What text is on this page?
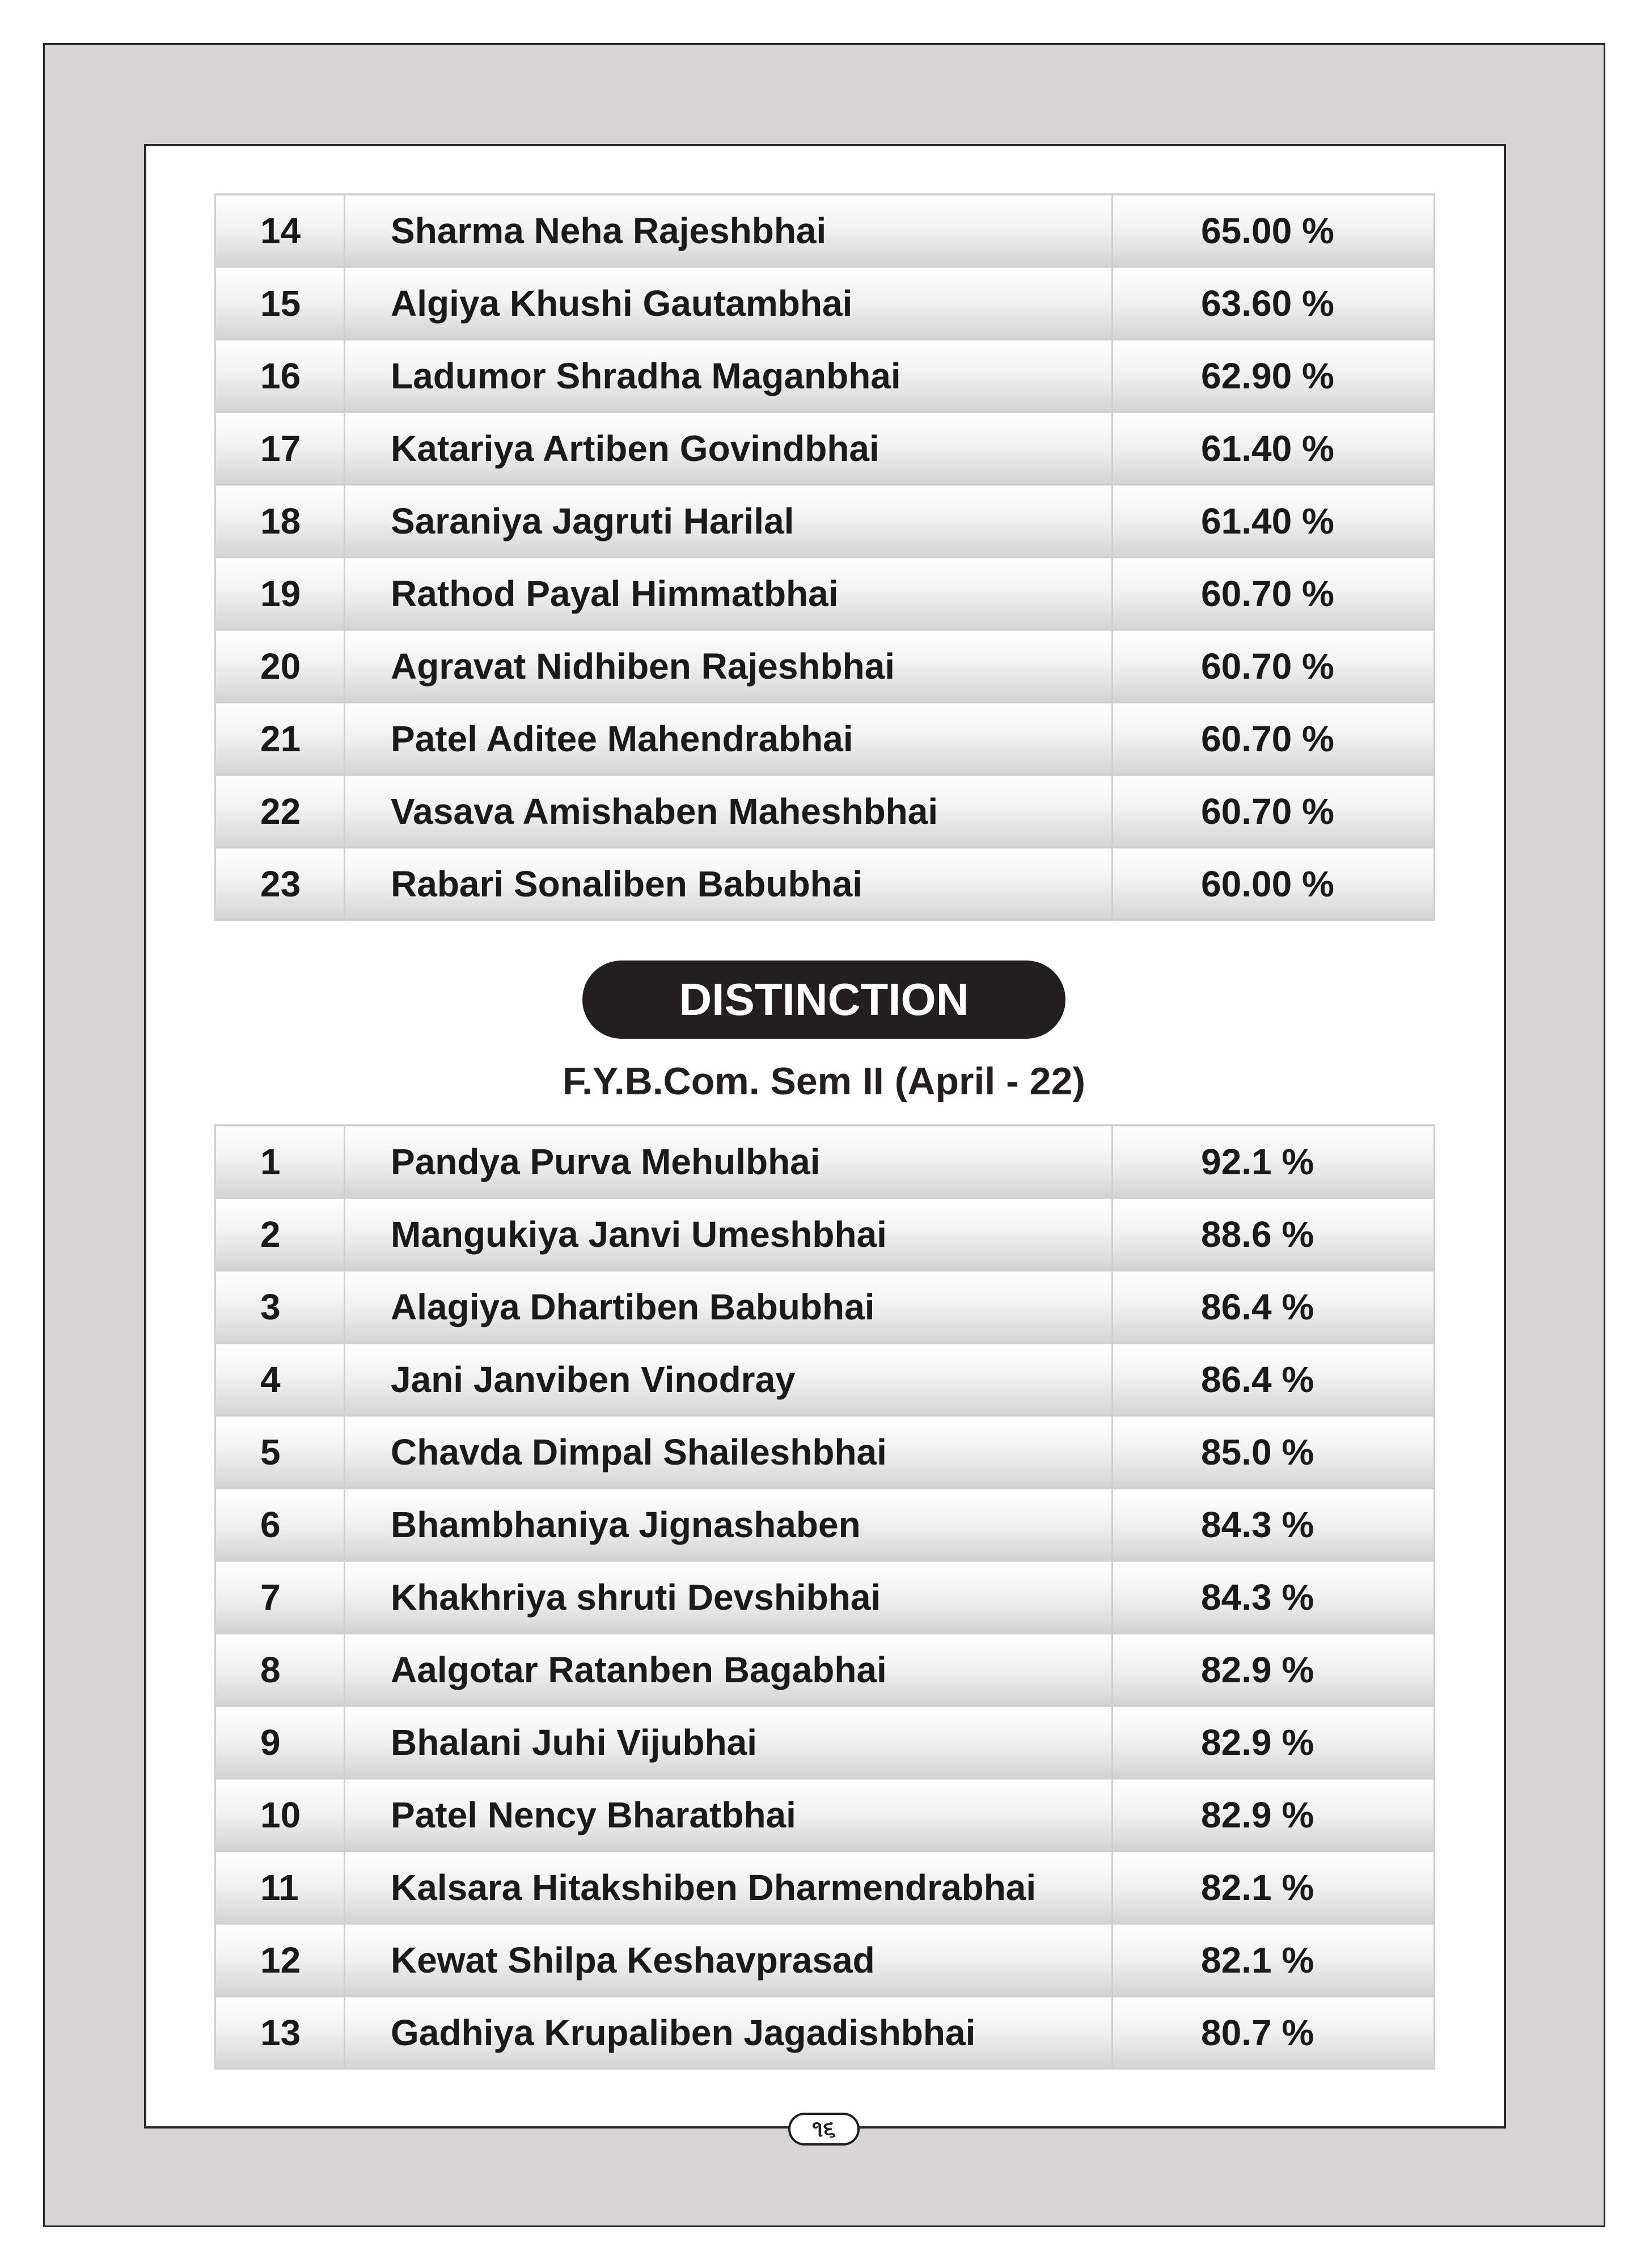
14	Sharma Neha Rajeshbhai	65.00 %
15	Algiya Khushi Gautambhai	63.60 %
16	Ladumor Shradha Maganbhai	62.90 %
17	Katariya Artiben Govindbhai	61.40 %
18	Saraniya Jagruti Harilal	61.40 %
19	Rathod Payal Himmatbhai	60.70 %
20	Agravat Nidhiben Rajeshbhai	60.70 %
21	Patel Aditee Mahendrabhai	60.70 %
22	Vasava Amishaben Maheshbhai	60.70 %
23	Rabari Sonaliben Babubhai	60.00 %
DISTINCTION
F.Y.B.Com. Sem II (April - 22)
1	Pandya Purva Mehulbhai	92.1 %
2	Mangukiya Janvi Umeshbhai	88.6 %
3	Alagiya Dhartiben Babubhai	86.4 %
4	Jani Janviben Vinodray	86.4 %
5	Chavda Dimpal Shaileshbhai	85.0 %
6	Bhambhaniya Jignashaben	84.3 %
7	Khakhriya shruti Devshibhai	84.3 %
8	Aalgotar Ratanben Bagabhai	82.9 %
9	Bhalani Juhi Vijubhai	82.9 %
10	Patel Nency Bharatbhai	82.9 %
11	Kalsara Hitakshiben Dharmendrabhai	82.1 %
12	Kewat Shilpa Keshavprasad	82.1 %
13	Gadhiya Krupaliben Jagadishbhai	80.7 %
૧૬
